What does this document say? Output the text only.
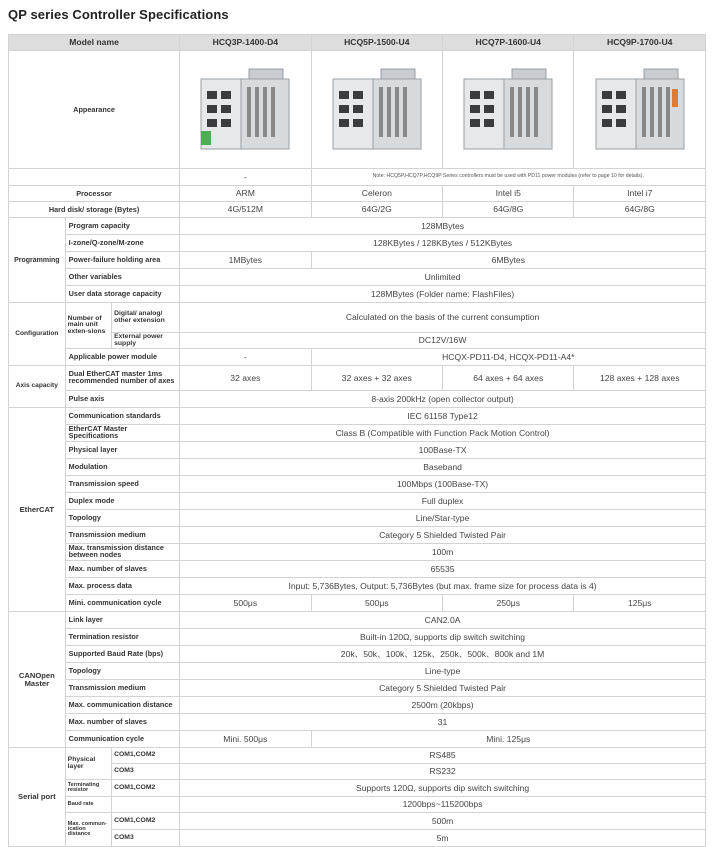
QP series Controller Specifications
Model name			HCQ3P-1400-D4	HCQ5P-1500-U4	HCQ7P-1600-U4	HCQ9P-1700-U4
Appearance	

			-	Note: HCQ5P,HCQ7P,HCQ9P Series controllers must be used with PD11 power modules (refer to page 10 for details).		
Processor			ARM	Celeron	Intel i5	Intel i7
Hard disk/ storage (Bytes)			4G/512M	64G/2G	64G/8G	64G/8G
Programming	Program capacity		128MBytes			
	I-zone/Q-zone/M-zone		128KBytes / 128KBytes / 512KBytes			
	Power-failure holding area		1MBytes	6MBytes		
	Other variables		Unlimited			
	User data storage capacity		128MBytes (Folder name: FlashFiles)			
Configuration	Number of main unit exten-sions	Digital/ analog/ other extension	Calculated on the basis of the current consumption			
		External power supply	DC12V/16W			
	Applicable power module		-	HCQX-PD11-D4, HCQX-PD11-A4*		
Axis capacity	Dual EtherCAT master 1ms recommended number of axes		32 axes	32 axes + 32 axes	64 axes + 64 axes	128 axes + 128 axes
	Pulse axis		8-axis 200kHz (open collector output)			
EtherCAT	Communication standards		IEC 61158 Type12			
	EtherCAT Master Specifications		Class B (Compatible with Function Pack Motion Control)			
	Physical layer		100Base-TX			
	Modulation		Baseband			
	Transmission speed		100Mbps (100Base-TX)			
	Duplex mode		Full duplex			
	Topology		Line/Star-type			
	Transmission medium		Category 5 Shielded Twisted Pair			
	Max. transmission distance between nodes		100m			
	Max. number of slaves		65535			
	Max. process data		Input: 5,736Bytes, Output: 5,736Bytes (but max. frame size for process data is 4)			
	Mini. communication cycle		500μs	500μs	250μs	125μs
CANOpen Master	Link layer		CAN2.0A			
	Termination resistor		Built-in 120Ω, supports dip switch switching			
	Supported Baud Rate (bps)		20k、50k、100k、125k、250k、500k、800k and 1M			
	Topology		Line-type			
	Transmission medium		Category 5 Shielded Twisted Pair			
	Max. communication distance		2500m (20kbps)			
	Max. number of slaves		31			
	Communication cycle		Mini. 500μs	Mini. 125μs		
Serial port	Physical layer	COM1,COM2	RS485			
		COM3	RS232			
	Terminating resistor	COM1,COM2	Supports 120Ω, supports dip switch switching			
	Baud rate		1200bps~115200bps			
	Max. commun- ication distance	COM1,COM2	500m			
		COM3	5m			
